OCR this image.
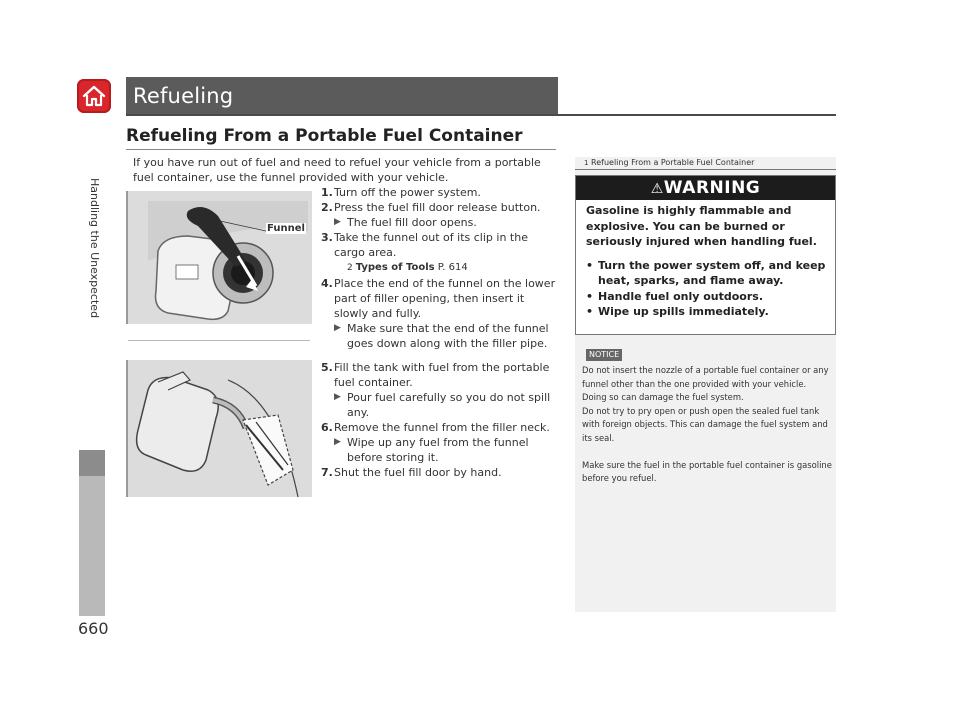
Refueling
Handling the Unexpected
660
Refueling From a Portable Fuel Container
If you have run out of fuel and need to refuel your vehicle from a portable fuel container, use the funnel provided with your vehicle.
Funnel
1. Turn off the power system.
2. Press the fuel fill door release button.
▶ The fuel fill door opens.
3. Take the funnel out of its clip in the cargo area.
2 Types of Tools P. 614
4. Place the end of the funnel on the lower part of filler opening, then insert it slowly and fully.
▶ Make sure that the end of the funnel goes down along with the filler pipe.
5. Fill the tank with fuel from the portable fuel container.
▶ Pour fuel carefully so you do not spill any.
6. Remove the funnel from the filler neck.
▶ Wipe up any fuel from the funnel before storing it.
7. Shut the fuel fill door by hand.
1 Refueling From a Portable Fuel Container
⚠WARNING
Gasoline is highly flammable and explosive. You can be burned or seriously injured when handling fuel.
• Turn the power system off, and keep heat, sparks, and flame away.
• Handle fuel only outdoors.
• Wipe up spills immediately.
NOTICE

Do not insert the nozzle of a portable fuel container or any funnel other than the one provided with your vehicle. Doing so can damage the fuel system.

Do not try to pry open or push open the sealed fuel tank with foreign objects. This can damage the fuel system and its seal.

Make sure the fuel in the portable fuel container is gasoline before you refuel.
